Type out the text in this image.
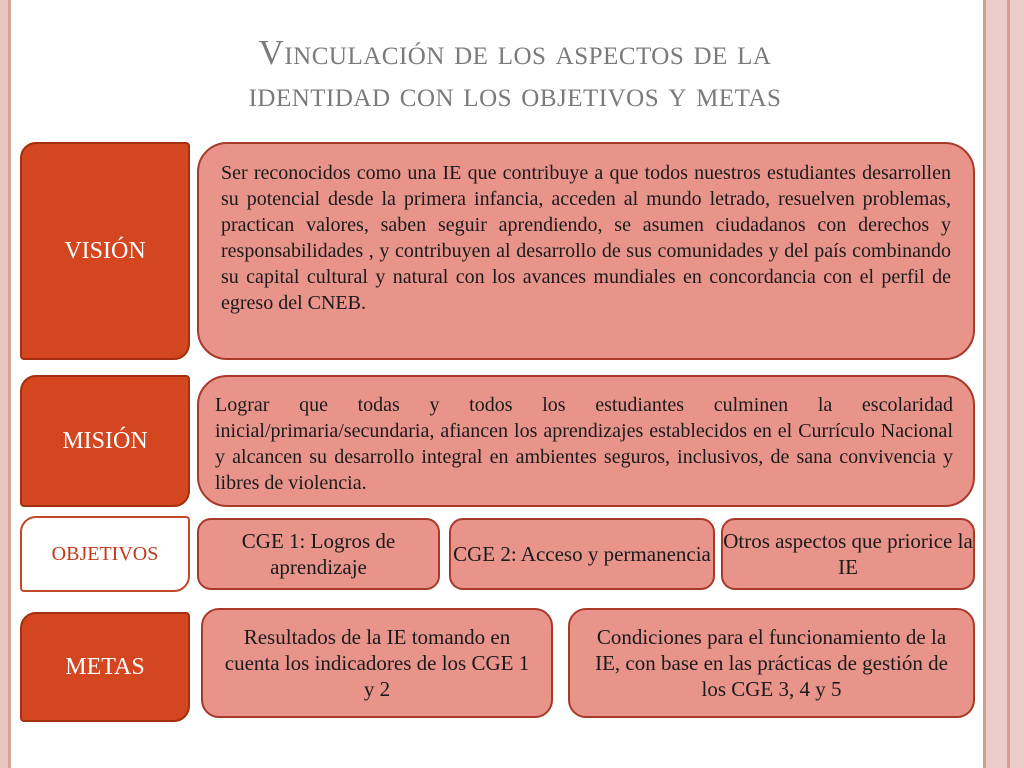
Vinculación de los aspectos de la
identidad con los objetivos y metas
VISIÓN
Ser reconocidos como una IE que contribuye a que todos nuestros estudiantes desarrollen su potencial desde la primera infancia, acceden al mundo letrado, resuelven problemas, practican valores, saben seguir aprendiendo, se asumen ciudadanos con derechos y responsabilidades , y contribuyen al desarrollo de sus comunidades y del país combinando su capital cultural y natural con los avances mundiales en concordancia con el perfil de egreso del CNEB.
MISIÓN
Lograr que todas y todos los estudiantes culminen la escolaridad inicial/primaria/secundaria, afiancen los aprendizajes establecidos en el Currículo Nacional y alcancen su desarrollo integral en ambientes seguros, inclusivos, de sana convivencia y libres de violencia.
OBJETIVOS
CGE 1: Logros de aprendizaje
CGE 2: Acceso y permanencia
Otros aspectos que priorice la IE
METAS
Resultados de la IE tomando en cuenta los indicadores de los CGE 1 y 2
Condiciones para el funcionamiento de la IE, con base en las prácticas de gestión de los CGE 3, 4 y 5
